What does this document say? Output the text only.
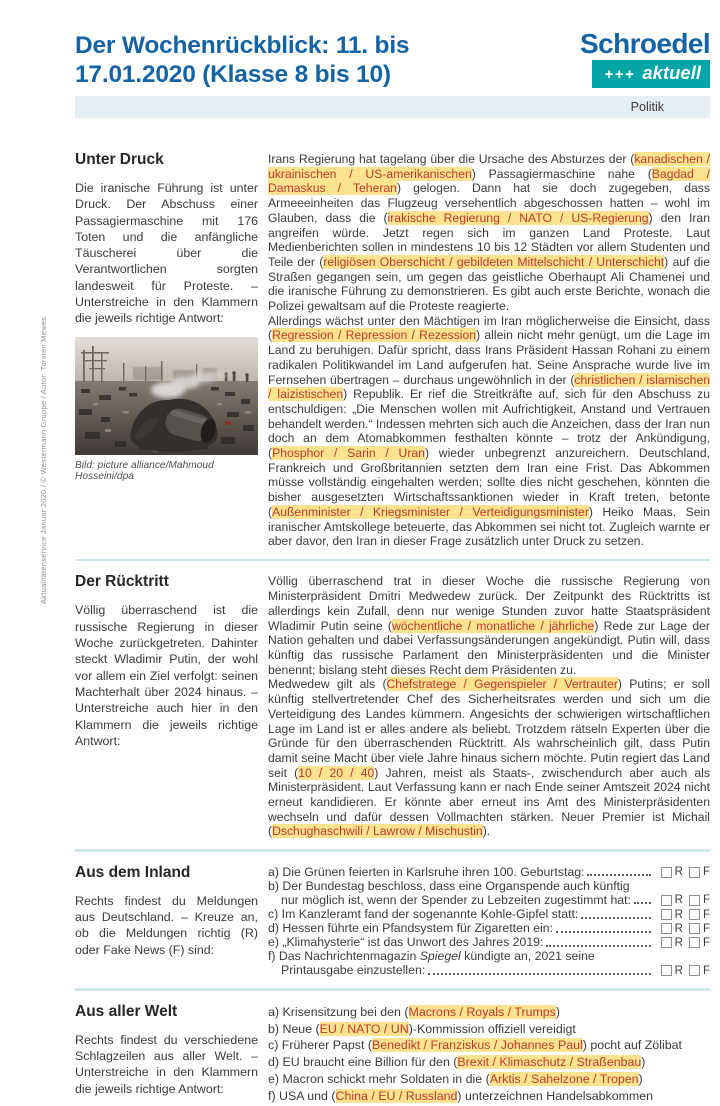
Aktualitätenservice Januar 2020 / © Westermann Gruppe / Autor: Torsten Mewes
Der Wochenrückblick: 11. bis
17.01.2020 (Klasse 8 bis 10)
Schroedel
+++ aktuell
Politik
Unter Druck

Die iranische Führung ist unter Druck. Der Abschuss einer Passagiermaschine mit 176 Toten und die anfängliche Täuscherei über die Verantwortlichen sorgten landesweit für Proteste. – Unterstreiche in den Klammern die jeweils richtige Antwort:

Bild: picture alliance/Mahmoud Hosseini/dpa

Irans Regierung hat tagelang über die Ursache des Absturzes der (kanadischen / ukrainischen / US-amerikanischen) Passagiermaschine nahe (Bagdad / Damaskus / Teheran) gelogen. Dann hat sie doch zugegeben, dass Armeeeinheiten das Flugzeug versehentlich abgeschossen hatten – wohl im Glauben, dass die (irakische Regierung / NATO / US-Regierung) den Iran angreifen würde. Jetzt regen sich im ganzen Land Proteste. Laut Medienberichten sollen in mindestens 10 bis 12 Städten vor allem Studenten und Teile der (religiösen Oberschicht / gebildeten Mittelschicht / Unterschicht) auf die Straßen gegangen sein, um gegen das geistliche Oberhaupt Ali Chamenei und die iranische Führung zu demonstrieren. Es gibt auch erste Berichte, wonach die Polizei gewaltsam auf die Proteste reagierte.

Allerdings wächst unter den Mächtigen im Iran möglicherweise die Einsicht, dass (Regression / Repression / Rezession) allein nicht mehr genügt, um die Lage im Land zu beruhigen. Dafür spricht, dass Irans Präsident Hassan Rohani zu einem radikalen Politikwandel im Land aufgerufen hat. Seine Ansprache wurde live im Fernsehen übertragen – durchaus ungewöhnlich in der (christlichen / islamischen / laizistischen) Republik. Er rief die Streitkräfte auf, sich für den Abschuss zu entschuldigen: „Die Menschen wollen mit Aufrichtigkeit, Anstand und Vertrauen behandelt werden.“ Indessen mehrten sich auch die Anzeichen, dass der Iran nun doch an dem Atomabkommen festhalten könnte – trotz der Ankündigung, (Phosphor / Sarin / Uran) wieder unbegrenzt anzureichern. Deutschland, Frankreich und Großbritannien setzten dem Iran eine Frist. Das Abkommen müsse vollständig eingehalten werden; sollte dies nicht geschehen, könnten die bisher ausgesetzten Wirtschaftssanktionen wieder in Kraft treten, betonte (Außenminister / Kriegsminister / Verteidigungsminister) Heiko Maas. Sein iranischer Amtskollege beteuerte, das Abkommen sei nicht tot. Zugleich warnte er aber davor, den Iran in dieser Frage zusätzlich unter Druck zu setzen.

Der Rücktritt

Völlig überraschend ist die russische Regierung in dieser Woche zurückgetreten. Dahinter steckt Wladimir Putin, der wohl vor allem ein Ziel verfolgt: seinen Machterhalt über 2024 hinaus. – Unterstreiche auch hier in den Klammern die jeweils richtige Antwort:

Völlig überraschend trat in dieser Woche die russische Regierung von Ministerpräsident Dmitri Medwedew zurück. Der Zeitpunkt des Rücktritts ist allerdings kein Zufall, denn nur wenige Stunden zuvor hatte Staatspräsident Wladimir Putin seine (wöchentliche / monatliche / jährliche) Rede zur Lage der Nation gehalten und dabei Verfassungsänderungen angekündigt. Putin will, dass künftig das russische Parlament den Ministerpräsidenten und die Minister benennt; bislang steht dieses Recht dem Präsidenten zu.

Medwedew gilt als (Chefstratege / Gegenspieler / Vertrauter) Putins; er soll künftig stellvertretender Chef des Sicherheitsrates werden und sich um die Verteidigung des Landes kümmern. Angesichts der schwierigen wirtschaftlichen Lage im Land ist er alles andere als beliebt. Trotzdem rätseln Experten über die Gründe für den überraschenden Rücktritt. Als wahrscheinlich gilt, dass Putin damit seine Macht über viele Jahre hinaus sichern möchte. Putin regiert das Land seit (10 / 20 / 40) Jahren, meist als Staats-, zwischendurch aber auch als Ministerpräsident. Laut Verfassung kann er nach Ende seiner Amtszeit 2024 nicht erneut kandidieren. Er könnte aber erneut ins Amt des Ministerpräsidenten wechseln und dafür dessen Vollmachten stärken. Neuer Premier ist Michail (Dschughaschwili / Lawrow / Mischustin).

Aus dem Inland

Rechts findest du Meldungen aus Deutschland. – Kreuze an, ob die Meldungen richtig (R) oder Fake News (F) sind:

a) Die Grünen feierten in Karlsruhe ihren 100. Geburtstag:	R F
b) Der Bundestag beschloss, dass eine Organspende auch künftig
nur möglich ist, wenn der Spender zu Lebzeiten zugestimmt hat:	R F
c) Im Kanzleramt fand der sogenannte Kohle-Gipfel statt:	R F
d) Hessen führte ein Pfandsystem für Zigaretten ein:	R F
e) „Klimahysterie“ ist das Unwort des Jahres 2019:	R F
f) Das Nachrichtenmagazin Spiegel kündigte an, 2021 seine
Printausgabe einzustellen:	R F
Aus aller Welt

Rechts findest du verschiedene Schlagzeilen aus aller Welt. – Unterstreiche in den Klammern die jeweils richtige Antwort:

a) Krisensitzung bei den (Macrons / Royals / Trumps)
b) Neue (EU / NATO / UN)-Kommission offiziell vereidigt
c) Früherer Papst (Benedikt / Franziskus / Johannes Paul) pocht auf Zölibat
d) EU braucht eine Billion für den (Brexit / Klimaschutz / Straßenbau)
e) Macron schickt mehr Soldaten in die (Arktis / Sahelzone / Tropen)
f) USA und (China / EU / Russland) unterzeichnen Handelsabkommen
